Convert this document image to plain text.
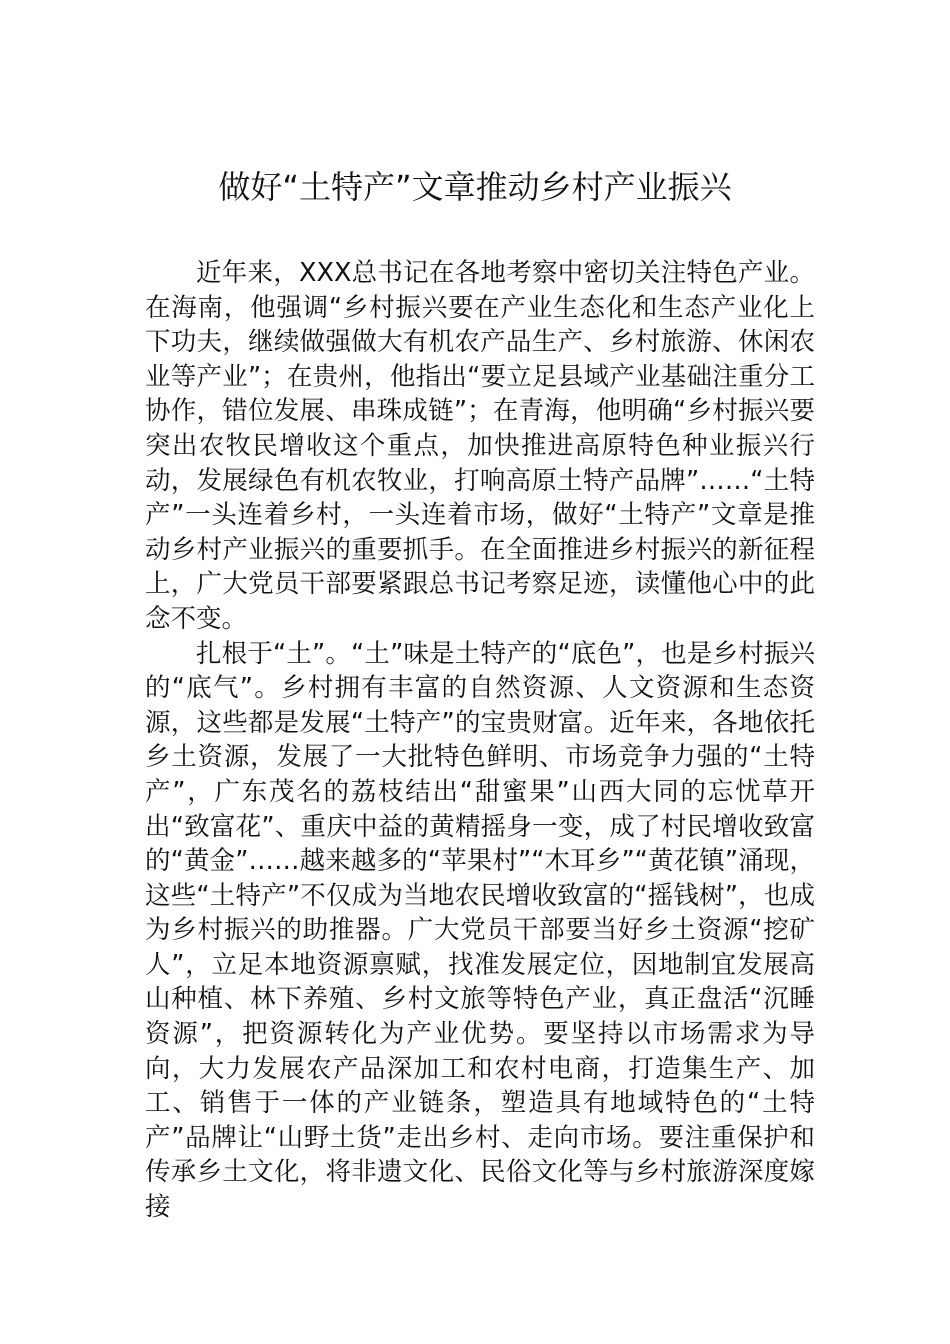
做好“土特产”文章推动乡村产业振兴

近年来，XXX总书记在各地考察中密切关注特色产业。在海南，他强调“乡村振兴要在产业生态化和生态产业化上下功夫，继续做强做大有机农产品生产、乡村旅游、休闲农业等产业”；在贵州，他指出“要立足县域产业基础注重分工协作，错位发展、串珠成链”；在青海，他明确“乡村振兴要突出农牧民增收这个重点，加快推进高原特色种业振兴行动，发展绿色有机农牧业，打响高原土特产品牌”……“土特产”一头连着乡村，一头连着市场，做好“土特产”文章是推动乡村产业振兴的重要抓手。在全面推进乡村振兴的新征程上，广大党员干部要紧跟总书记考察足迹，读懂他心中的此念不变。

扎根于“土”。“土”味是土特产的“底色”，也是乡村振兴的“底气”。乡村拥有丰富的自然资源、人文资源和生态资源，这些都是发展“土特产”的宝贵财富。近年来，各地依托乡土资源，发展了一大批特色鲜明、市场竞争力强的“土特产”，广东茂名的荔枝结出“甜蜜果”山西大同的忘忧草开出“致富花”、重庆中益的黄精摇身一变，成了村民增收致富的“黄金”……越来越多的“苹果村”“木耳乡”“黄花镇”涌现，这些“土特产”不仅成为当地农民增收致富的“摇钱树”，也成为乡村振兴的助推器。广大党员干部要当好乡土资源“挖矿人”，立足本地资源禀赋，找准发展定位，因地制宜发展高山种植、林下养殖、乡村文旅等特色产业，真正盘活“沉睡资源”，把资源转化为产业优势。要坚持以市场需求为导向，大力发展农产品深加工和农村电商，打造集生产、加工、销售于一体的产业链条，塑造具有地域特色的“土特产”品牌让“山野土货”走出乡村、走向市场。要注重保护和传承乡土文化，将非遗文化、民俗文化等与乡村旅游深度嫁接
